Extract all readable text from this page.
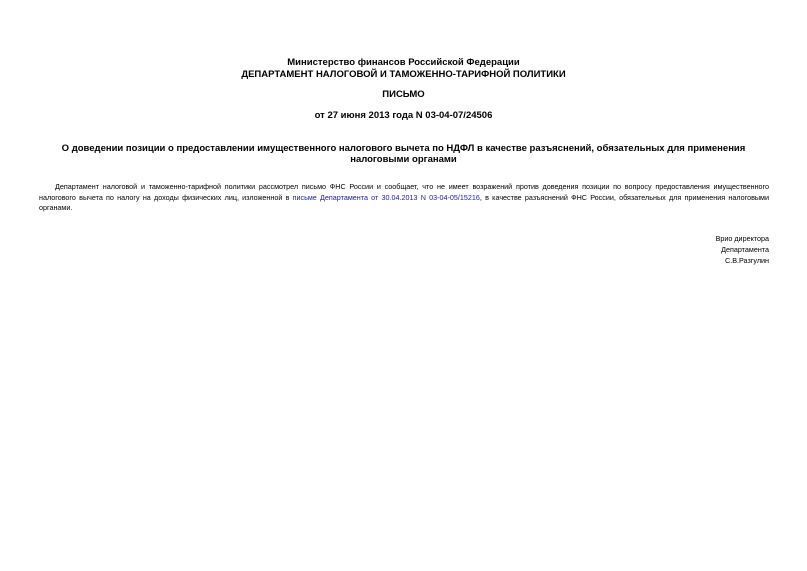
Министерство финансов Российской Федерации
ДЕПАРТАМЕНТ НАЛОГОВОЙ И ТАМОЖЕННО-ТАРИФНОЙ ПОЛИТИКИ
ПИСЬМО
от 27 июня 2013 года N 03-04-07/24506
О доведении позиции о предоставлении имущественного налогового вычета по НДФЛ в качестве разъяснений, обязательных для применения налоговыми органами
Департамент налоговой и таможенно-тарифной политики рассмотрел письмо ФНС России и сообщает, что не имеет возражений против доведения позиции по вопросу предоставления имущественного налогового вычета по налогу на доходы физических лиц, изложенной в письме Департамента от 30.04.2013 N 03-04-05/15216, в качестве разъяснений ФНС России, обязательных для применения налоговыми органами.
Врио директора
Департамента
С.В.Разгулин
